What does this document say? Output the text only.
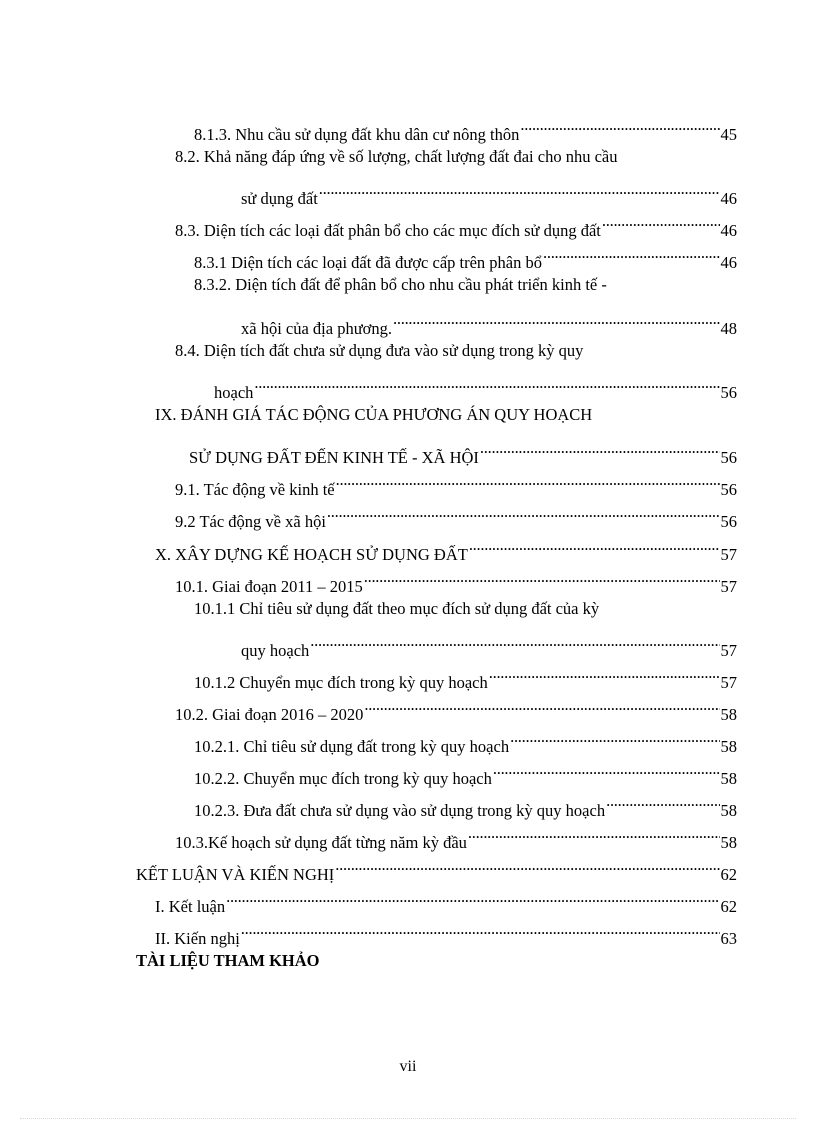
8.1.3. Nhu cầu sử dụng đất khu dân cư nông thôn . . .	45
8.2. Khả năng đáp ứng về số lượng, chất lượng đất đai cho nhu cầu
sử dụng đất . . .	46
8.3. Diện tích các loại đất phân bổ cho các mục đích sử dụng đất . . .	46
8.3.1 Diện tích các loại đất đã được cấp trên phân bổ . . .	46
8.3.2. Diện tích đất để phân bổ cho nhu cầu phát triển kinh tế -
xã hội của địa phương. . . .	48
8.4. Diện tích đất chưa sử dụng đưa vào sử dụng trong kỳ quy
hoạch . . .	56
IX. ĐÁNH GIÁ TÁC ĐỘNG CỦA PHƯƠNG ÁN QUY HOẠCH
SỬ DỤNG ĐẤT ĐẾN KINH TẾ - XÃ HỘI . . .	56
9.1. Tác động về kinh tế . . .	56
9.2 Tác động về xã hội . . .	56
X. XÂY DỰNG KẾ HOẠCH SỬ DỤNG ĐẤT . . .	57
10.1. Giai đoạn 2011 – 2015 . . .	57
10.1.1 Chỉ tiêu sử dụng đất theo mục đích sử dụng đất của kỳ
quy hoạch . . .	57
10.1.2 Chuyển mục đích trong kỳ quy hoạch . . .	57
10.2. Giai đoạn 2016 – 2020 . . .	58
10.2.1. Chỉ tiêu sử dụng đất trong kỳ quy hoạch . . .	58
10.2.2. Chuyển mục đích trong kỳ quy hoạch . . .	58
10.2.3. Đưa đất chưa sử dụng vào sử dụng trong kỳ quy hoạch . . .	58
10.3.Kế hoạch sử dụng đất từng năm kỳ đầu . . .	58
KẾT LUẬN VÀ KIẾN NGHỊ . . .	62
I. Kết luận . . .	62
II. Kiến nghị . . .	63
TÀI LIỆU THAM KHẢO
vii
